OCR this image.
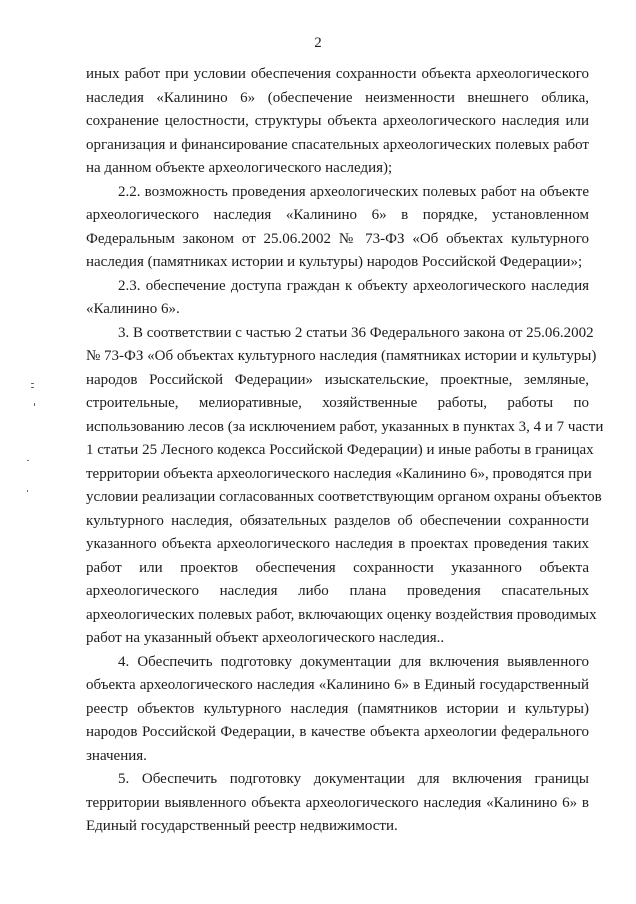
2
иных работ при условии обеспечения сохранности объекта археологического
наследия «Калинино 6» (обеспечение неизменности внешнего облика,
сохранение целостности, структуры объекта археологического наследия или
организация и финансирование спасательных археологических полевых работ
на данном объекте археологического наследия);
2.2. возможность проведения археологических полевых работ на объекте
археологического наследия «Калинино 6» в порядке, установленном
Федеральным законом от 25.06.2002 № 73-ФЗ «Об объектах культурного
наследия (памятниках истории и культуры) народов Российской Федерации»;
2.3. обеспечение доступа граждан к объекту археологического наследия
«Калинино 6».
3. В соответствии с частью 2 статьи 36 Федерального закона от 25.06.2002
№ 73-ФЗ «Об объектах культурного наследия (памятниках истории и культуры)
народов Российской Федерации» изыскательские, проектные, земляные,
строительные, мелиоративные, хозяйственные работы, работы по
использованию лесов (за исключением работ, указанных в пунктах 3, 4 и 7 части
1 статьи 25 Лесного кодекса Российской Федерации) и иные работы в границах
территории объекта археологического наследия «Калинино 6», проводятся при
условии реализации согласованных соответствующим органом охраны объектов
культурного наследия, обязательных разделов об обеспечении сохранности
указанного объекта археологического наследия в проектах проведения таких
работ или проектов обеспечения сохранности указанного объекта
археологического наследия либо плана проведения спасательных
археологических полевых работ, включающих оценку воздействия проводимых
работ на указанный объект археологического наследия..
4. Обеспечить подготовку документации для включения выявленного
объекта археологического наследия «Калинино 6» в Единый государственный
реестр объектов культурного наследия (памятников истории и культуры)
народов Российской Федерации, в качестве объекта археологии федерального
значения.
5. Обеспечить подготовку документации для включения границы
территории выявленного объекта археологического наследия «Калинино 6» в
Единый государственный реестр недвижимости.
